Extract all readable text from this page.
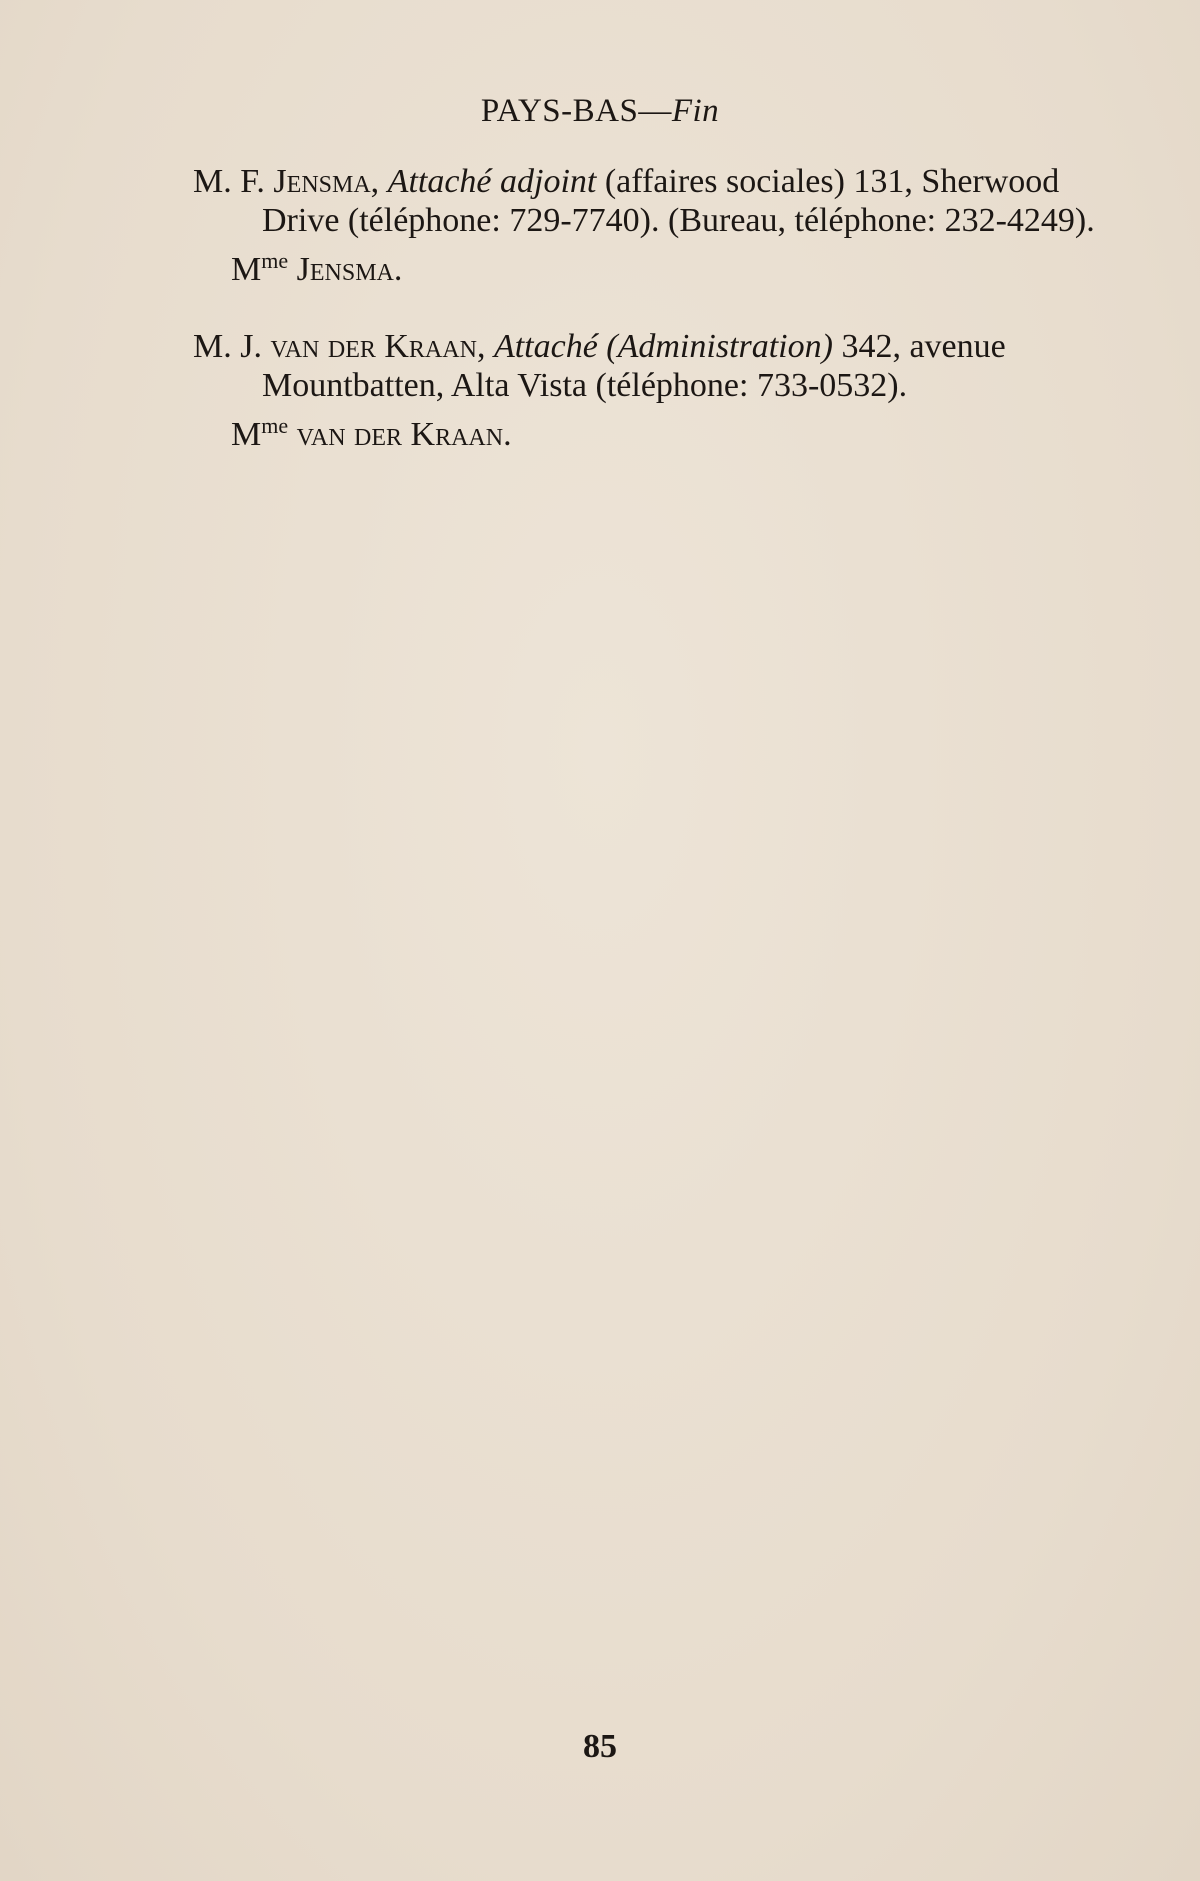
PAYS-BAS—Fin

M. F. Jensma, Attaché adjoint (affaires sociales) 131, Sherwood Drive (téléphone: 729-7740). (Bureau, téléphone: 232-4249).

$M^{me}$ Jensma.

M. J. van der Kraan, Attaché (Administration) 342, avenue Mountbatten, Alta Vista (téléphone: 733-0532).

$M^{me}$ van der Kraan.

85
